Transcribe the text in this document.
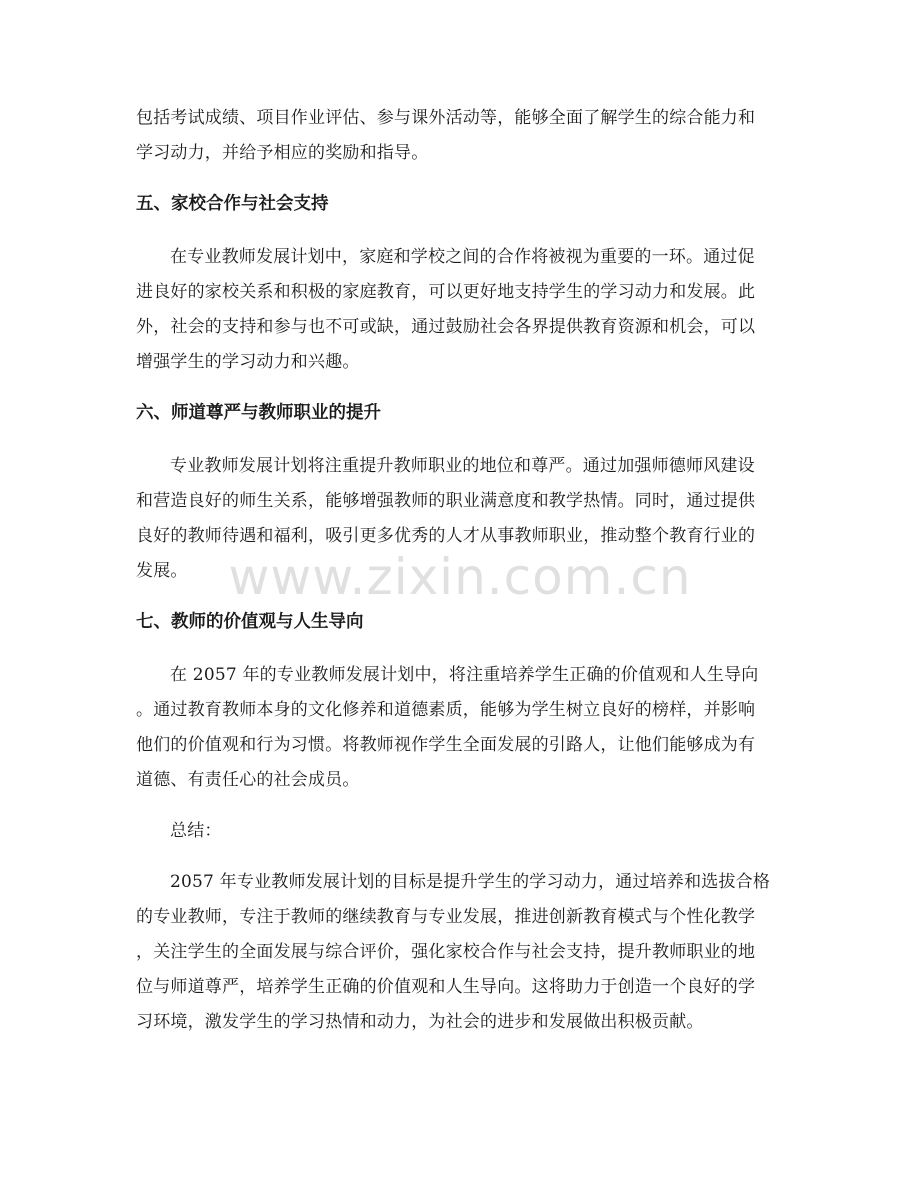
包括考试成绩、项目作业评估、参与课外活动等，能够全面了解学生的综合能力和
学习动力，并给予相应的奖励和指导。

五、家校合作与社会支持

在专业教师发展计划中，家庭和学校之间的合作将被视为重要的一环。通过促
进良好的家校关系和积极的家庭教育，可以更好地支持学生的学习动力和发展。此
外，社会的支持和参与也不可或缺，通过鼓励社会各界提供教育资源和机会，可以
增强学生的学习动力和兴趣。

六、师道尊严与教师职业的提升

专业教师发展计划将注重提升教师职业的地位和尊严。通过加强师德师风建设
和营造良好的师生关系，能够增强教师的职业满意度和教学热情。同时，通过提供
良好的教师待遇和福利，吸引更多优秀的人才从事教师职业，推动整个教育行业的
发展。

七、教师的价值观与人生导向

在 2057 年的专业教师发展计划中，将注重培养学生正确的价值观和人生导向
。通过教育教师本身的文化修养和道德素质，能够为学生树立良好的榜样，并影响
他们的价值观和行为习惯。将教师视作学生全面发展的引路人，让他们能够成为有
道德、有责任心的社会成员。

总结：

2057 年专业教师发展计划的目标是提升学生的学习动力，通过培养和选拔合格
的专业教师，专注于教师的继续教育与专业发展，推进创新教育模式与个性化教学
，关注学生的全面发展与综合评价，强化家校合作与社会支持，提升教师职业的地
位与师道尊严，培养学生正确的价值观和人生导向。这将助力于创造一个良好的学
习环境，激发学生的学习热情和动力，为社会的进步和发展做出积极贡献。

www.zixin.com.cn
